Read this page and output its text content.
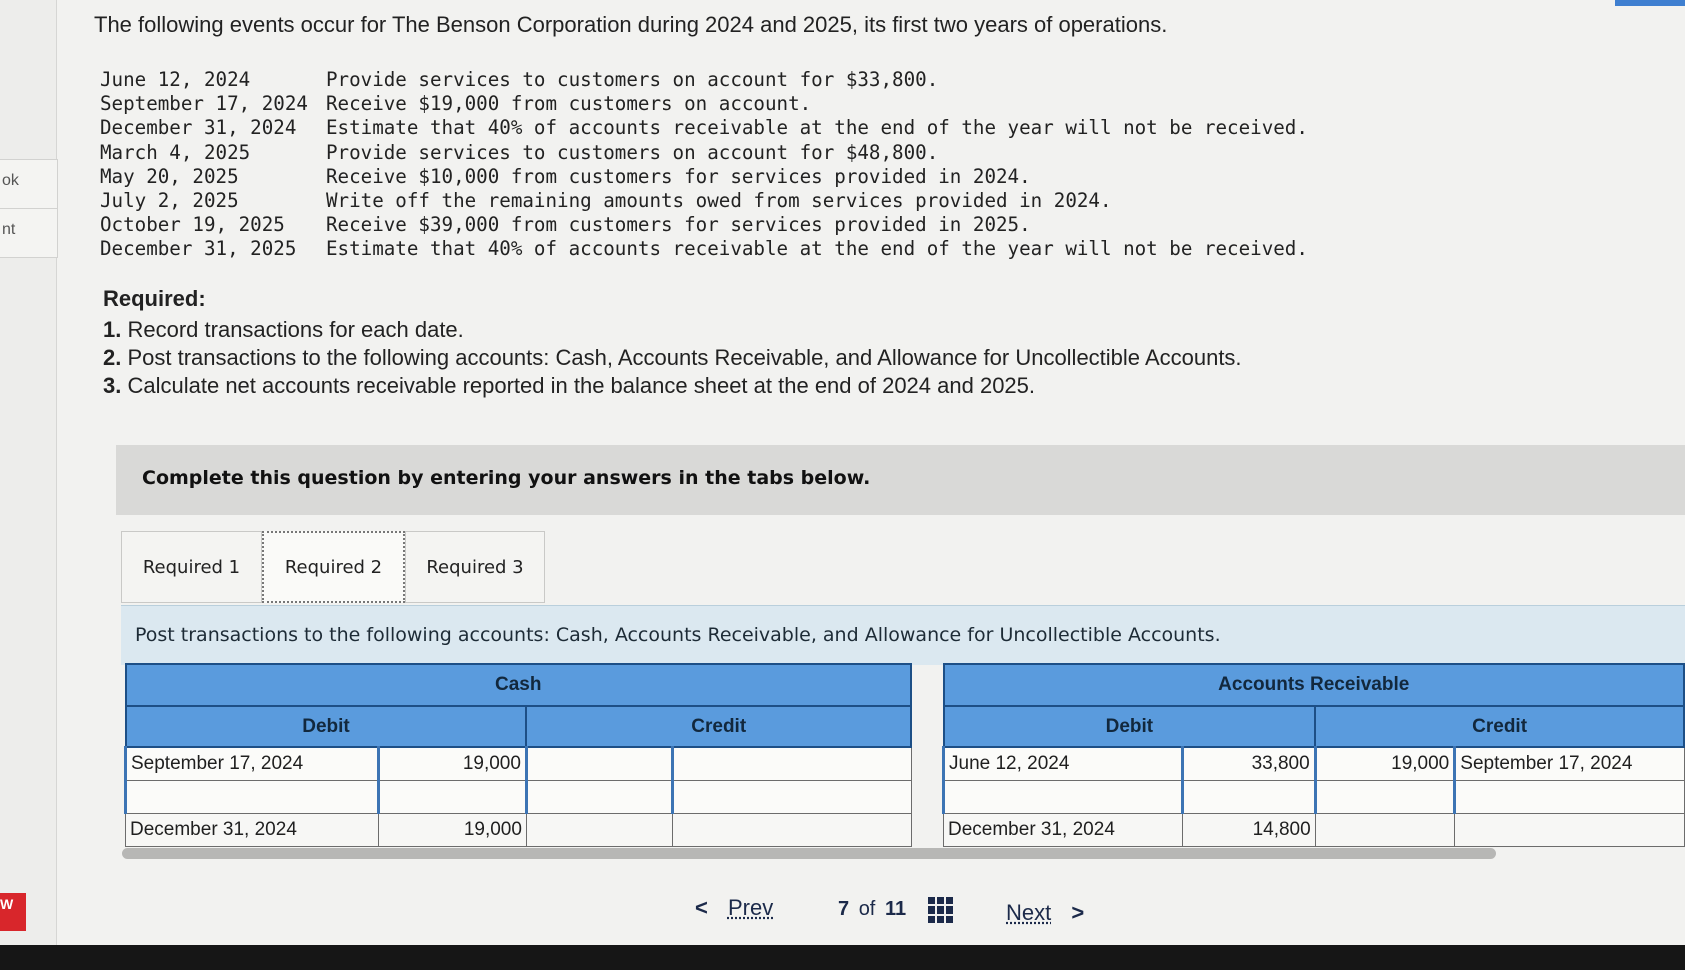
ok
nt
W
The following events occur for The Benson Corporation during 2024 and 2025, its first two years of operations.
June 12, 2024	Provide services to customers on account for $33,800.
September 17, 2024 Receive $19,000 from customers on account.
December 31, 2024	Estimate that 40% of accounts receivable at the end of the year will not be received.
March 4, 2025	Provide services to customers on account for $48,800.
May 20, 2025	Receive $10,000 from customers for services provided in 2024.
July 2, 2025	Write off the remaining amounts owed from services provided in 2024.
October 19, 2025	Receive $39,000 from customers for services provided in 2025.
December 31, 2025	Estimate that 40% of accounts receivable at the end of the year will not be received.
Required:
1. Record transactions for each date.
2. Post transactions to the following accounts: Cash, Accounts Receivable, and Allowance for Uncollectible Accounts.
3. Calculate net accounts receivable reported in the balance sheet at the end of 2024 and 2025.
Complete this question by entering your answers in the tabs below.
Required 1 Required 2 Required 3
Post transactions to the following accounts: Cash, Accounts Receivable, and Allowance for Uncollectible Accounts.
Cash			
Debit		Credit	
September 17, 2024	19,000		

December 31, 2024	19,000		
Accounts Receivable			
Debit		Credit	
June 12, 2024	33,800	19,000	September 17, 2024

December 31, 2024	14,800		
< Prev	7 of 11	Next >
